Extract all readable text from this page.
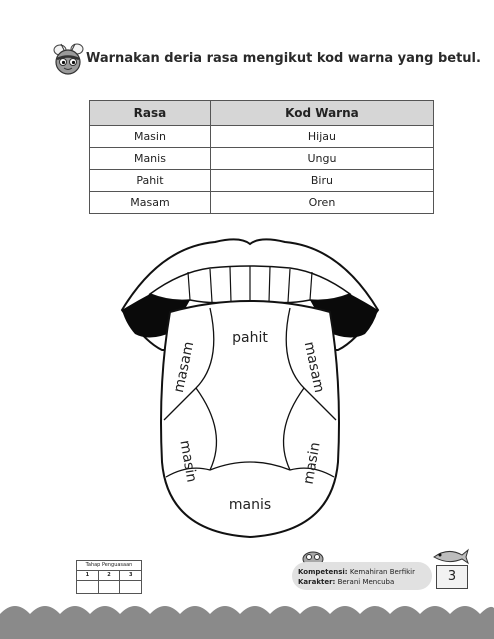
Warnakan deria rasa mengikut kod warna yang betul.
Rasa	Kod Warna
Masin	Hijau
Manis	Ungu
Pahit	Biru
Masam	Oren
pahit
masam	masam
masin	masin
manis
Tahap Penguasaan
1	2	3	Kompetensi: Kemahiran Berfikir
Karakter: Berani Mencuba	3
